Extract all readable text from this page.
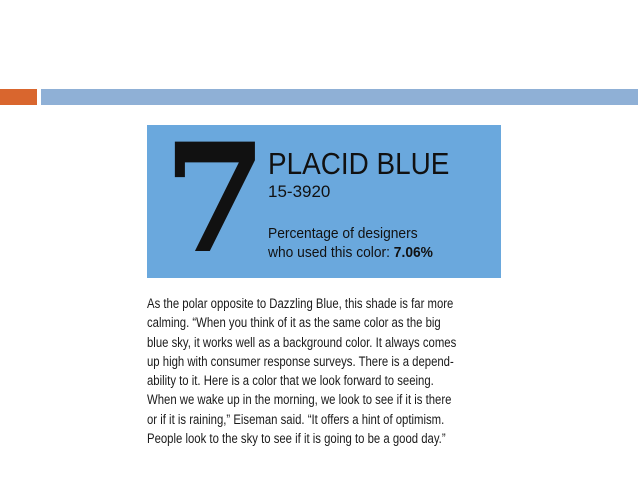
7 PLACID BLUE
15-3920
Percentage of designers
who used this color: 7.06%

As the polar opposite to Dazzling Blue, this shade is far more
calming. “When you think of it as the same color as the big
blue sky, it works well as a background color. It always comes
up high with consumer response surveys. There is a depend-
ability to it. Here is a color that we look forward to seeing.
When we wake up in the morning, we look to see if it is there
or if it is raining,” Eiseman said. “It offers a hint of optimism.
People look to the sky to see if it is going to be a good day.”
